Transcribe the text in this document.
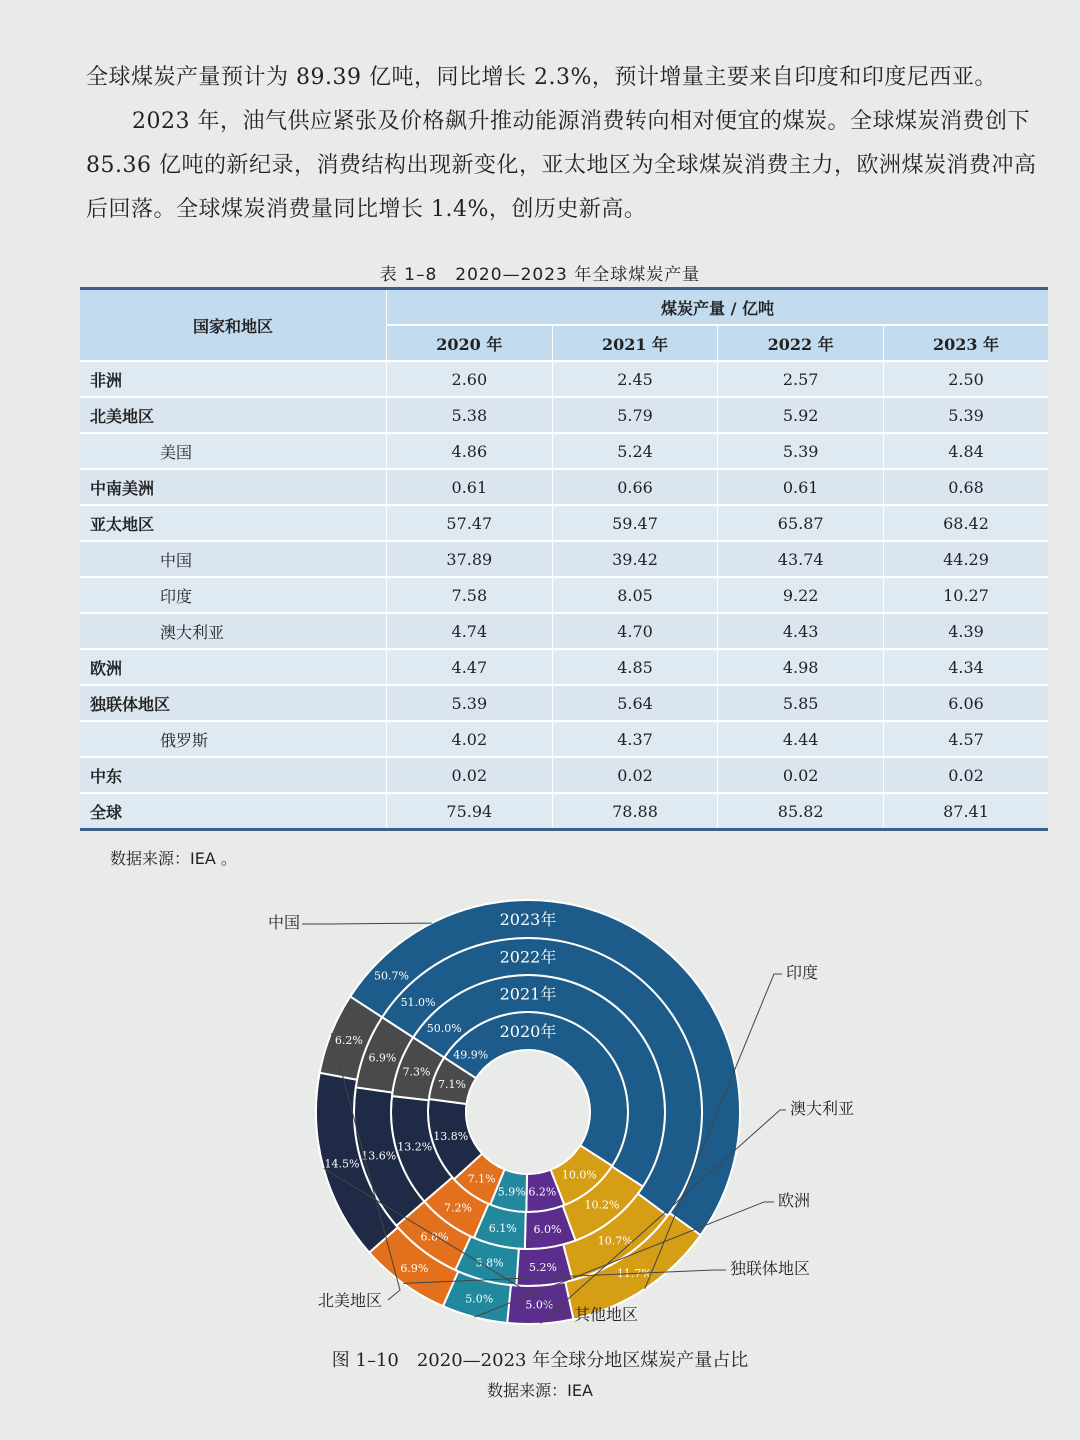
全球煤炭产量预计为 89.39 亿吨，同比增长 2.3%，预计增量主要来自印度和印度尼西亚。

2023 年，油气供应紧张及价格飙升推动能源消费转向相对便宜的煤炭。全球煤炭消费创下 85.36 亿吨的新纪录，消费结构出现新变化，亚太地区为全球煤炭消费主力，欧洲煤炭消费冲高后回落。全球煤炭消费量同比增长 1.4%，创历史新高。

表 1–8　2020—2023 年全球煤炭产量
国家和地区	煤炭产量 / 亿吨			
	2020 年	2021 年	2022 年	2023 年
非洲	2.60	2.45	2.57	2.50
北美地区	5.38	5.79	5.92	5.39
美国	4.86	5.24	5.39	4.84
中南美洲	0.61	0.66	0.61	0.68
亚太地区	57.47	59.47	65.87	68.42
中国	37.89	39.42	43.74	44.29
印度	7.58	8.05	9.22	10.27
澳大利亚	4.74	4.70	4.43	4.39
欧洲	4.47	4.85	4.98	4.34
独联体地区	5.39	5.64	5.85	6.06
俄罗斯	4.02	4.37	4.44	4.57
中东	0.02	0.02	0.02	0.02
全球	75.94	78.88	85.82	87.41
数据来源：IEA 。
49.9%
10.0%
6.2%
5.9%
7.1%
13.8%
7.1%
2020年
50.0%
10.2%
6.0%
6.1%
7.2%
13.2%
7.3%
2021年
51.0%
10.7%
5.2%
5.8%
6.8%
13.6%
6.9%
2022年
50.7%
11.7%
5.0%
5.0%
6.9%
14.5%
6.2%
2023年
中国
印度
澳大利亚
欧洲
独联体地区
其他地区
北美地区
图 1–10　2020—2023 年全球分地区煤炭产量占比
数据来源：IEA
